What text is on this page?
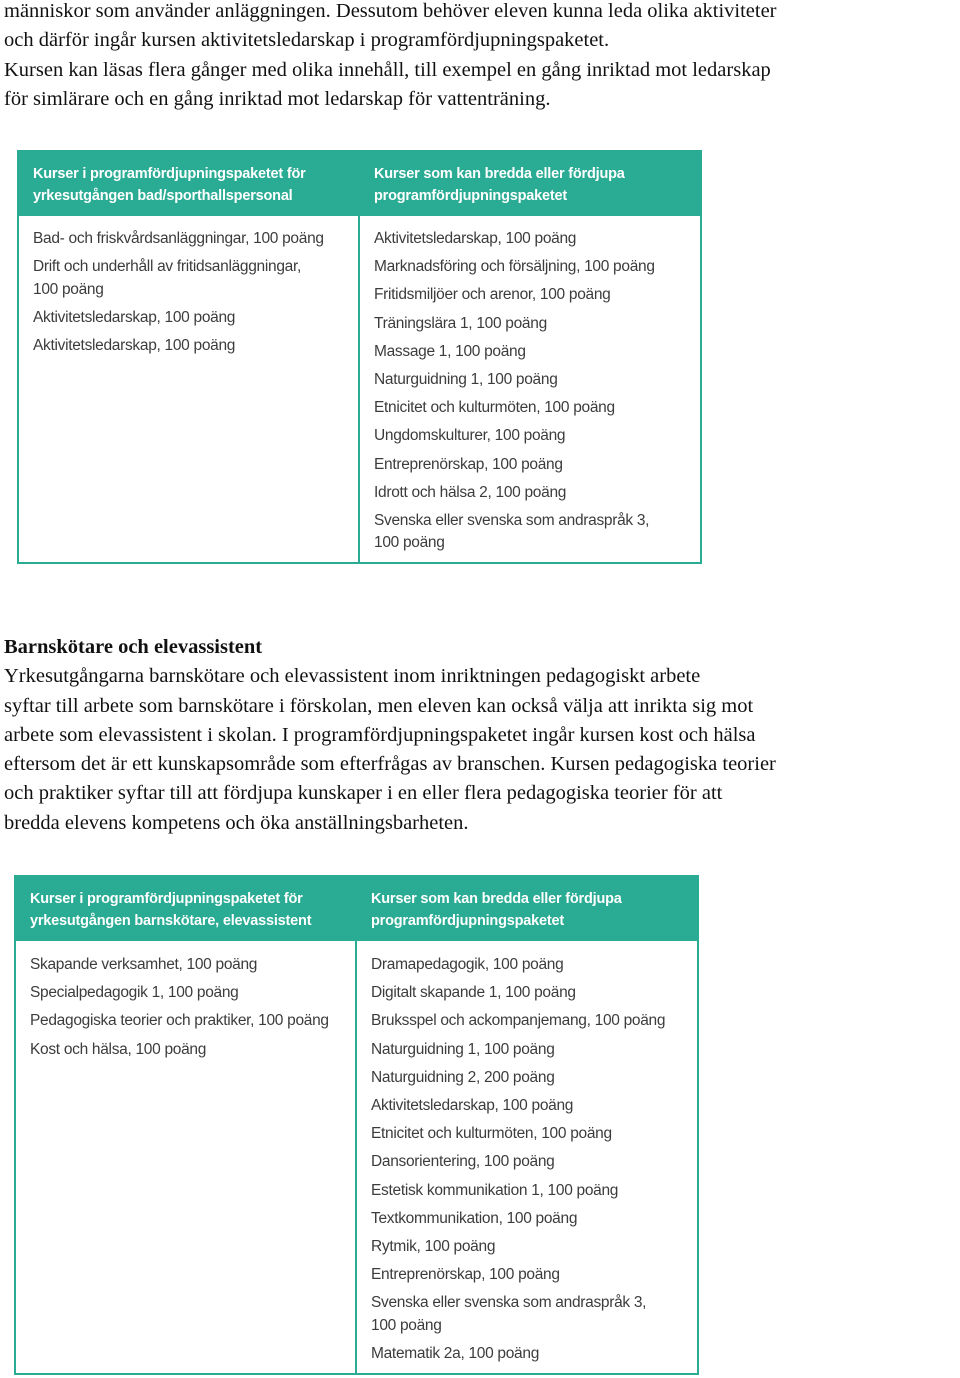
människor som använder anläggningen. Dessutom behöver eleven kunna leda olika aktiviteter
och därför ingår kursen aktivitetsledarskap i programfördjupningspaketet.
Kursen kan läsas flera gånger med olika innehåll, till exempel en gång inriktad mot ledarskap
för simlärare och en gång inriktad mot ledarskap för vattenträning.
Kurser i programfördjupningspaketet för
yrkesutgången bad/sporthallspersonal
Bad- och friskvårdsanläggningar, 100 poäng
Drift och underhåll av fritidsanläggningar,
100 poäng
Aktivitetsledarskap, 100 poäng
Aktivitetsledarskap, 100 poäng
Kurser som kan bredda eller fördjupa
programfördjupningspaketet
Aktivitetsledarskap, 100 poäng
Marknadsföring och försäljning, 100 poäng
Fritidsmiljöer och arenor, 100 poäng
Träningslära 1, 100 poäng
Massage 1, 100 poäng
Naturguidning 1, 100 poäng
Etnicitet och kulturmöten, 100 poäng
Ungdomskulturer, 100 poäng
Entreprenörskap, 100 poäng
Idrott och hälsa 2, 100 poäng
Svenska eller svenska som andraspråk 3,
100 poäng
Barnskötare och elevassistent
Yrkesutgångarna barnskötare och elevassistent inom inriktningen pedagogiskt arbete
syftar till arbete som barnskötare i förskolan, men eleven kan också välja att inrikta sig mot
arbete som elevassistent i skolan. I programfördjupningspaketet ingår kursen kost och hälsa
eftersom det är ett kunskapsområde som efterfrågas av branschen. Kursen pedagogiska teorier
och praktiker syftar till att fördjupa kunskaper i en eller flera pedagogiska teorier för att
bredda elevens kompetens och öka anställningsbarheten.
Kurser i programfördjupningspaketet för
yrkesutgången barnskötare, elevassistent
Skapande verksamhet, 100 poäng
Specialpedagogik 1, 100 poäng
Pedagogiska teorier och praktiker, 100 poäng
Kost och hälsa, 100 poäng
Kurser som kan bredda eller fördjupa
programfördjupningspaketet
Dramapedagogik, 100 poäng
Digitalt skapande 1, 100 poäng
Bruksspel och ackompanjemang, 100 poäng
Naturguidning 1, 100 poäng
Naturguidning 2, 200 poäng
Aktivitetsledarskap, 100 poäng
Etnicitet och kulturmöten, 100 poäng
Dansorientering, 100 poäng
Estetisk kommunikation 1, 100 poäng
Textkommunikation, 100 poäng
Rytmik, 100 poäng
Entreprenörskap, 100 poäng
Svenska eller svenska som andraspråk 3,
100 poäng
Matematik 2a, 100 poäng
